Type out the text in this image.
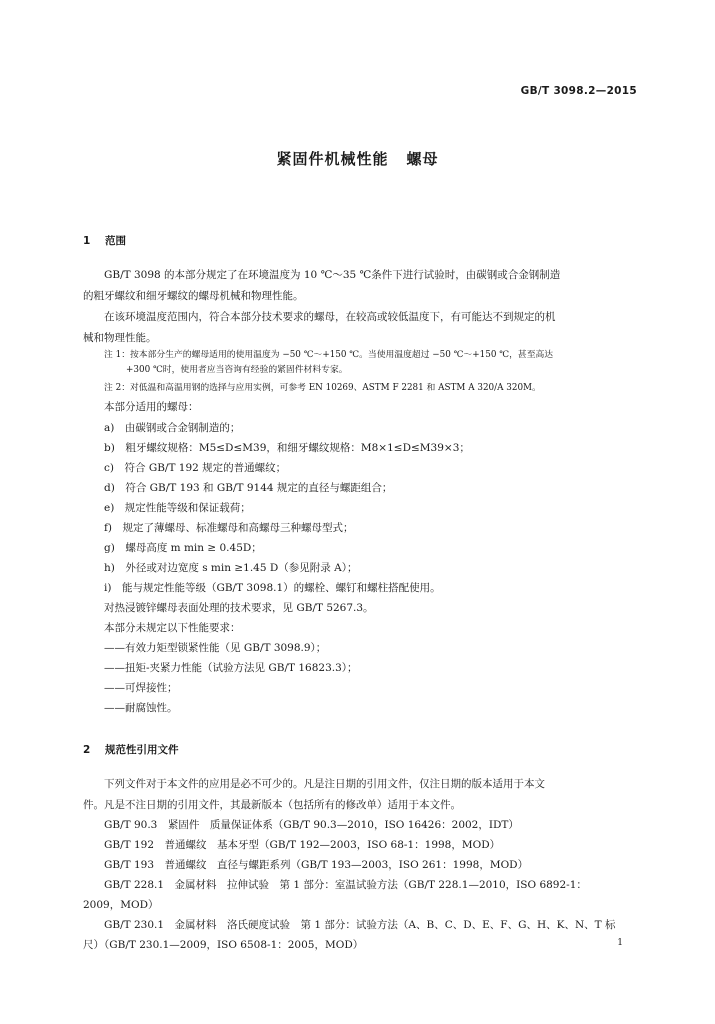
GB/T 3098.2—2015
紧固件机械性能 螺母
1 范围
GB/T 3098 的本部分规定了在环境温度为 10 ℃～35 ℃条件下进行试验时，由碳钢或合金钢制造
的粗牙螺纹和细牙螺纹的螺母机械和物理性能。
在该环境温度范围内，符合本部分技术要求的螺母，在较高或较低温度下，有可能达不到规定的机
械和物理性能。
注 1：按本部分生产的螺母适用的使用温度为 −50 ℃～+150 ℃。当使用温度超过 −50 ℃～+150 ℃，甚至高达
+300 ℃时，使用者应当咨询有经验的紧固件材料专家。
注 2：对低温和高温用钢的选择与应用实例，可参考 EN 10269、ASTM F 2281 和 ASTM A 320/A 320M。
本部分适用的螺母：
a)　由碳钢或合金钢制造的；
b)　粗牙螺纹规格：M5≤D≤M39，和细牙螺纹规格：M8×1≤D≤M39×3；
c)　符合 GB/T 192 规定的普通螺纹；
d)　符合 GB/T 193 和 GB/T 9144 规定的直径与螺距组合；
e)　规定性能等级和保证载荷；
f)　规定了薄螺母、标准螺母和高螺母三种螺母型式；
g)　螺母高度 m min ≥ 0.45D；
h)　外径或对边宽度 s min ≥1.45 D（参见附录 A）；
i)　能与规定性能等级（GB/T 3098.1）的螺栓、螺钉和螺柱搭配使用。
对热浸镀锌螺母表面处理的技术要求，见 GB/T 5267.3。
本部分未规定以下性能要求：
——有效力矩型锁紧性能（见 GB/T 3098.9）；
——扭矩-夹紧力性能（试验方法见 GB/T 16823.3）；
——可焊接性；
——耐腐蚀性。
2 规范性引用文件
下列文件对于本文件的应用是必不可少的。凡是注日期的引用文件，仅注日期的版本适用于本文
件。凡是不注日期的引用文件，其最新版本（包括所有的修改单）适用于本文件。
GB/T 90.3　紧固件　质量保证体系（GB/T 90.3—2010，ISO 16426：2002，IDT）
GB/T 192　普通螺纹　基本牙型（GB/T 192—2003，ISO 68-1：1998，MOD）
GB/T 193　普通螺纹　直径与螺距系列（GB/T 193—2003，ISO 261：1998，MOD）
GB/T 228.1　金属材料　拉伸试验　第 1 部分：室温试验方法（GB/T 228.1—2010，ISO 6892-1：
2009，MOD）
GB/T 230.1　金属材料　洛氏硬度试验　第 1 部分：试验方法（A、B、C、D、E、F、G、H、K、N、T 标
尺）（GB/T 230.1—2009，ISO 6508-1：2005，MOD）	1
